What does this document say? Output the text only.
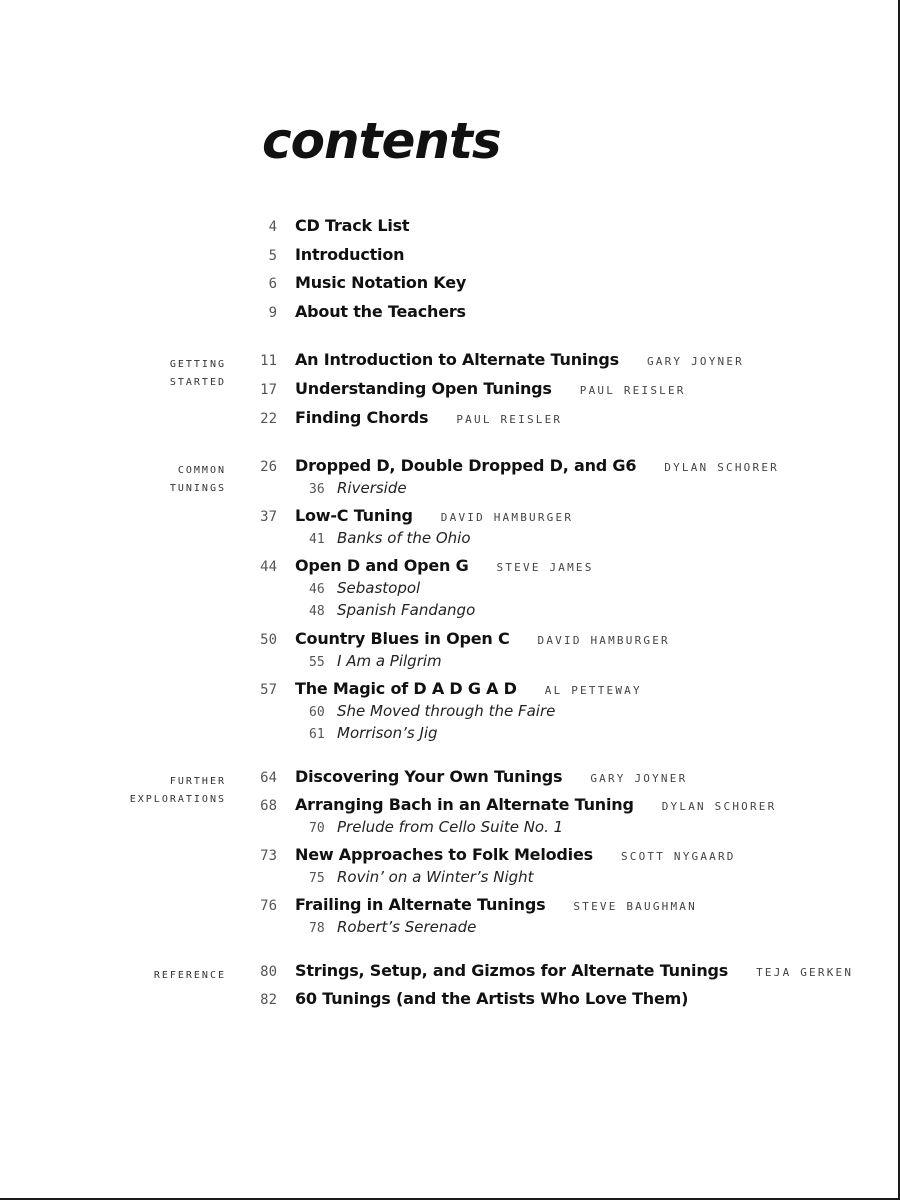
contents
4	CD Track List
5	Introduction
6	Music Notation Key
9	About the Teachers
GETTING
STARTED
11	An Introduction to Alternate Tunings	GARY JOYNER
17	Understanding Open Tunings	PAUL REISLER
22	Finding Chords	PAUL REISLER
COMMON
TUNINGS
26	Dropped D, Double Dropped D, and G6	DYLAN SCHORER
36 Riverside
37	Low-C Tuning	DAVID HAMBURGER
41 Banks of the Ohio
44	Open D and Open G	STEVE JAMES
46 Sebastopol
48 Spanish Fandango
50	Country Blues in Open C	DAVID HAMBURGER
55 I Am a Pilgrim
57	The Magic of D A D G A D	AL PETTEWAY
60 She Moved through the Faire
61 Morrison’s Jig
FURTHER
EXPLORATIONS
64	Discovering Your Own Tunings	GARY JOYNER
68	Arranging Bach in an Alternate Tuning	DYLAN SCHORER
70 Prelude from Cello Suite No. 1
73	New Approaches to Folk Melodies	SCOTT NYGAARD
75 Rovin’ on a Winter’s Night
76	Frailing in Alternate Tunings	STEVE BAUGHMAN
78 Robert’s Serenade
REFERENCE	80	Strings, Setup, and Gizmos for Alternate Tunings	TEJA GERKEN
82	60 Tunings (and the Artists Who Love Them)
